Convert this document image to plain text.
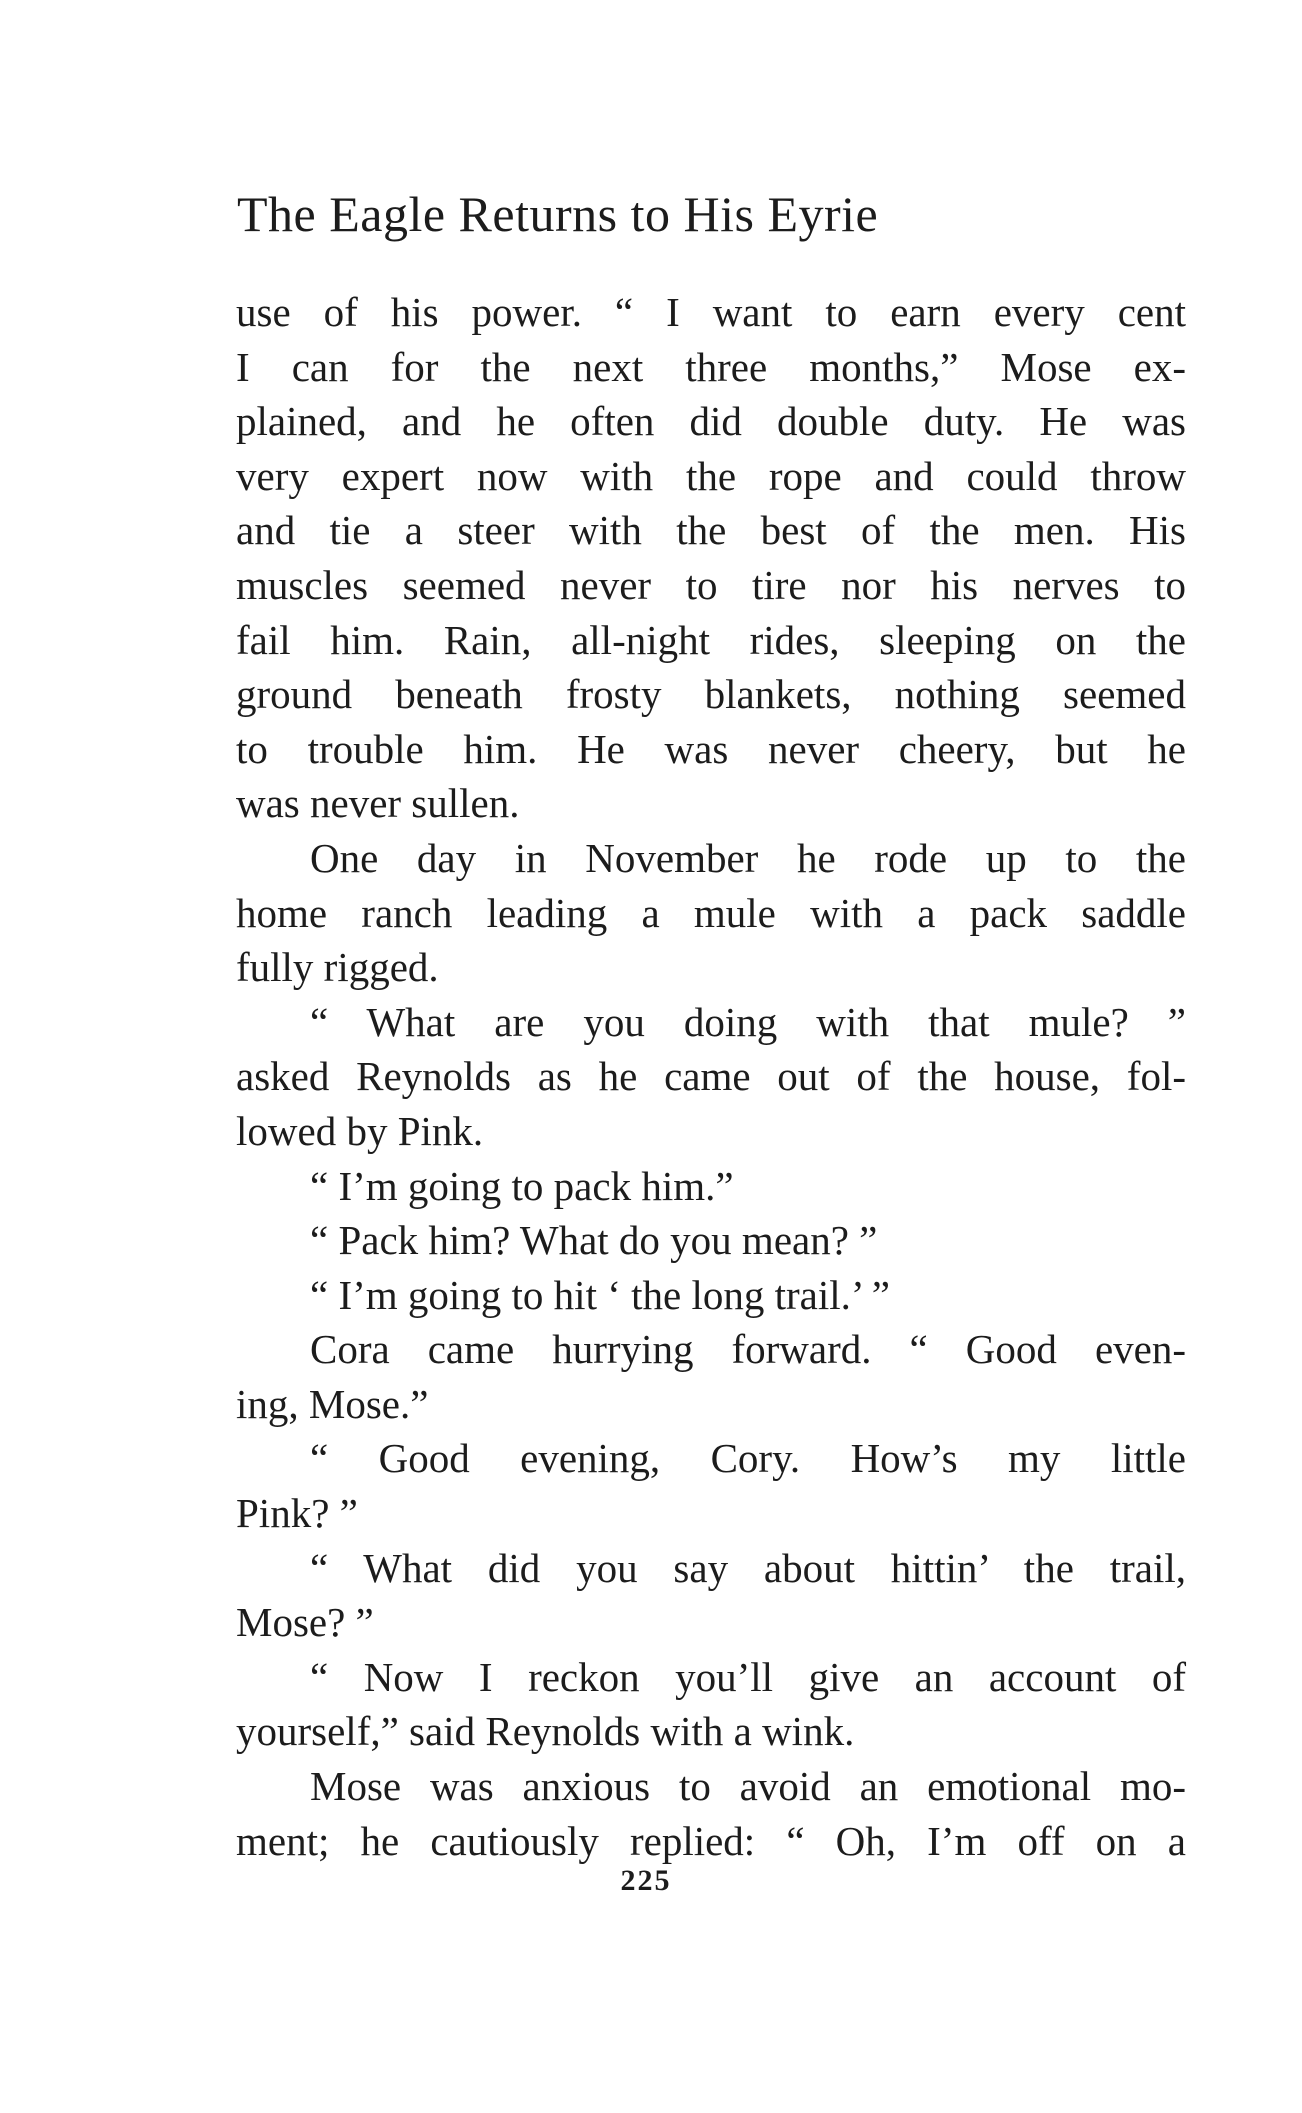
The Eagle Returns to His Eyrie
use of his power. “ I want to earn every cent
I can for the next three months,” Mose ex-
plained, and he often did double duty. He was
very expert now with the rope and could throw
and tie a steer with the best of the men. His
muscles seemed never to tire nor his nerves to
fail him. Rain, all-night rides, sleeping on the
ground beneath frosty blankets, nothing seemed
to trouble him. He was never cheery, but he
was never sullen.
One day in November he rode up to the
home ranch leading a mule with a pack saddle
fully rigged.
“ What are you doing with that mule? ”
asked Reynolds as he came out of the house, fol-
lowed by Pink.
“ I’m going to pack him.”
“ Pack him? What do you mean? ”
“ I’m going to hit ‘ the long trail.’ ”
Cora came hurrying forward. “ Good even-
ing, Mose.”
“ Good evening, Cory. How’s my little
Pink? ”
“ What did you say about hittin’ the trail,
Mose? ”
“ Now I reckon you’ll give an account of
yourself,” said Reynolds with a wink.
Mose was anxious to avoid an emotional mo-
ment; he cautiously replied: “ Oh, I’m off on a
225
